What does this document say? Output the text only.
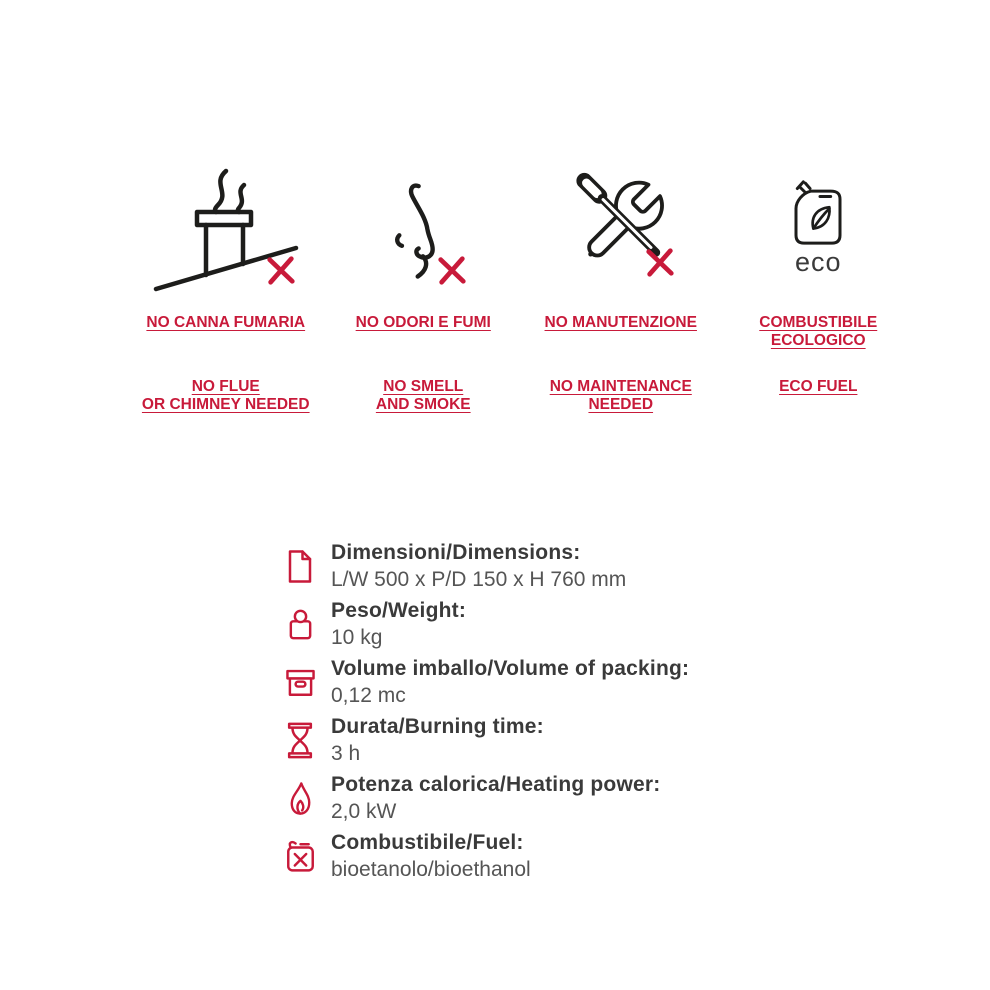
NO CANNA FUMARIA
NO FLUE
OR CHIMNEY NEEDED
NO ODORI E FUMI
NO SMELL
AND SMOKE
NO MANUTENZIONE
NO MAINTENANCE
NEEDED
eco
COMBUSTIBILE
ECOLOGICO
ECO FUEL
Dimensioni/Dimensions:
L/W 500 x P/D 150 x H 760 mm
Peso/Weight:
10 kg
Volume imballo/Volume of packing:
0,12 mc
Durata/Burning time:
3 h
Potenza calorica/Heating power:
2,0 kW
Combustibile/Fuel:
bioetanolo/bioethanol
